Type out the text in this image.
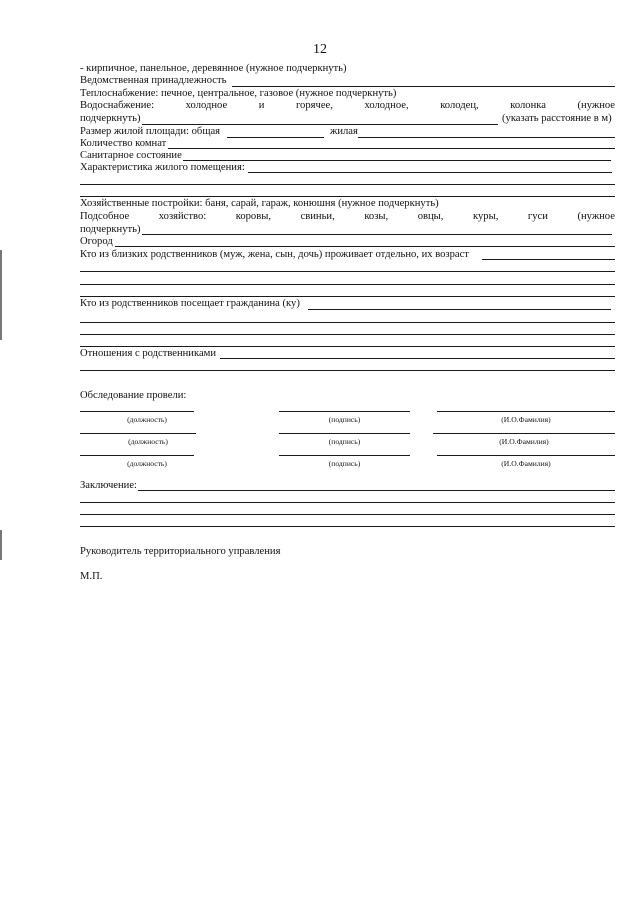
12
- кирпичное, панельное, деревянное (нужное подчеркнуть)
Ведомственная принадлежность
Теплоснабжение: печное, центральное, газовое (нужное подчеркнуть)
Водоснабжение:	холодное	и	горячее,	холодное,	колодец,	колонка	(нужное
подчеркнуть)	(указать расстояние в м)
Размер жилой площади: общая	жилая
Количество комнат
Санитарное состояние
Характеристика жилого помещения:
Хозяйственные постройки: баня, сарай, гараж, конюшня (нужное подчеркнуть)
Подсобное	хозяйство:	коровы,	свиньи,	козы,	овцы,	куры,	гуси	(нужное
подчеркнуть)
Огород
Кто из близких родственников (муж, жена, сын, дочь) проживает отдельно, их возраст
Кто из родственников посещает гражданина (ку)
Отношения с родственниками
Обследование провели:
(должность)	(подпись)	(И.О.Фамилия)
(должность)	(подпись)	(И.О.Фамилия)
(должность)	(подпись)	(И.О.Фамилия)
Заключение:
Руководитель территориального управления
М.П.
